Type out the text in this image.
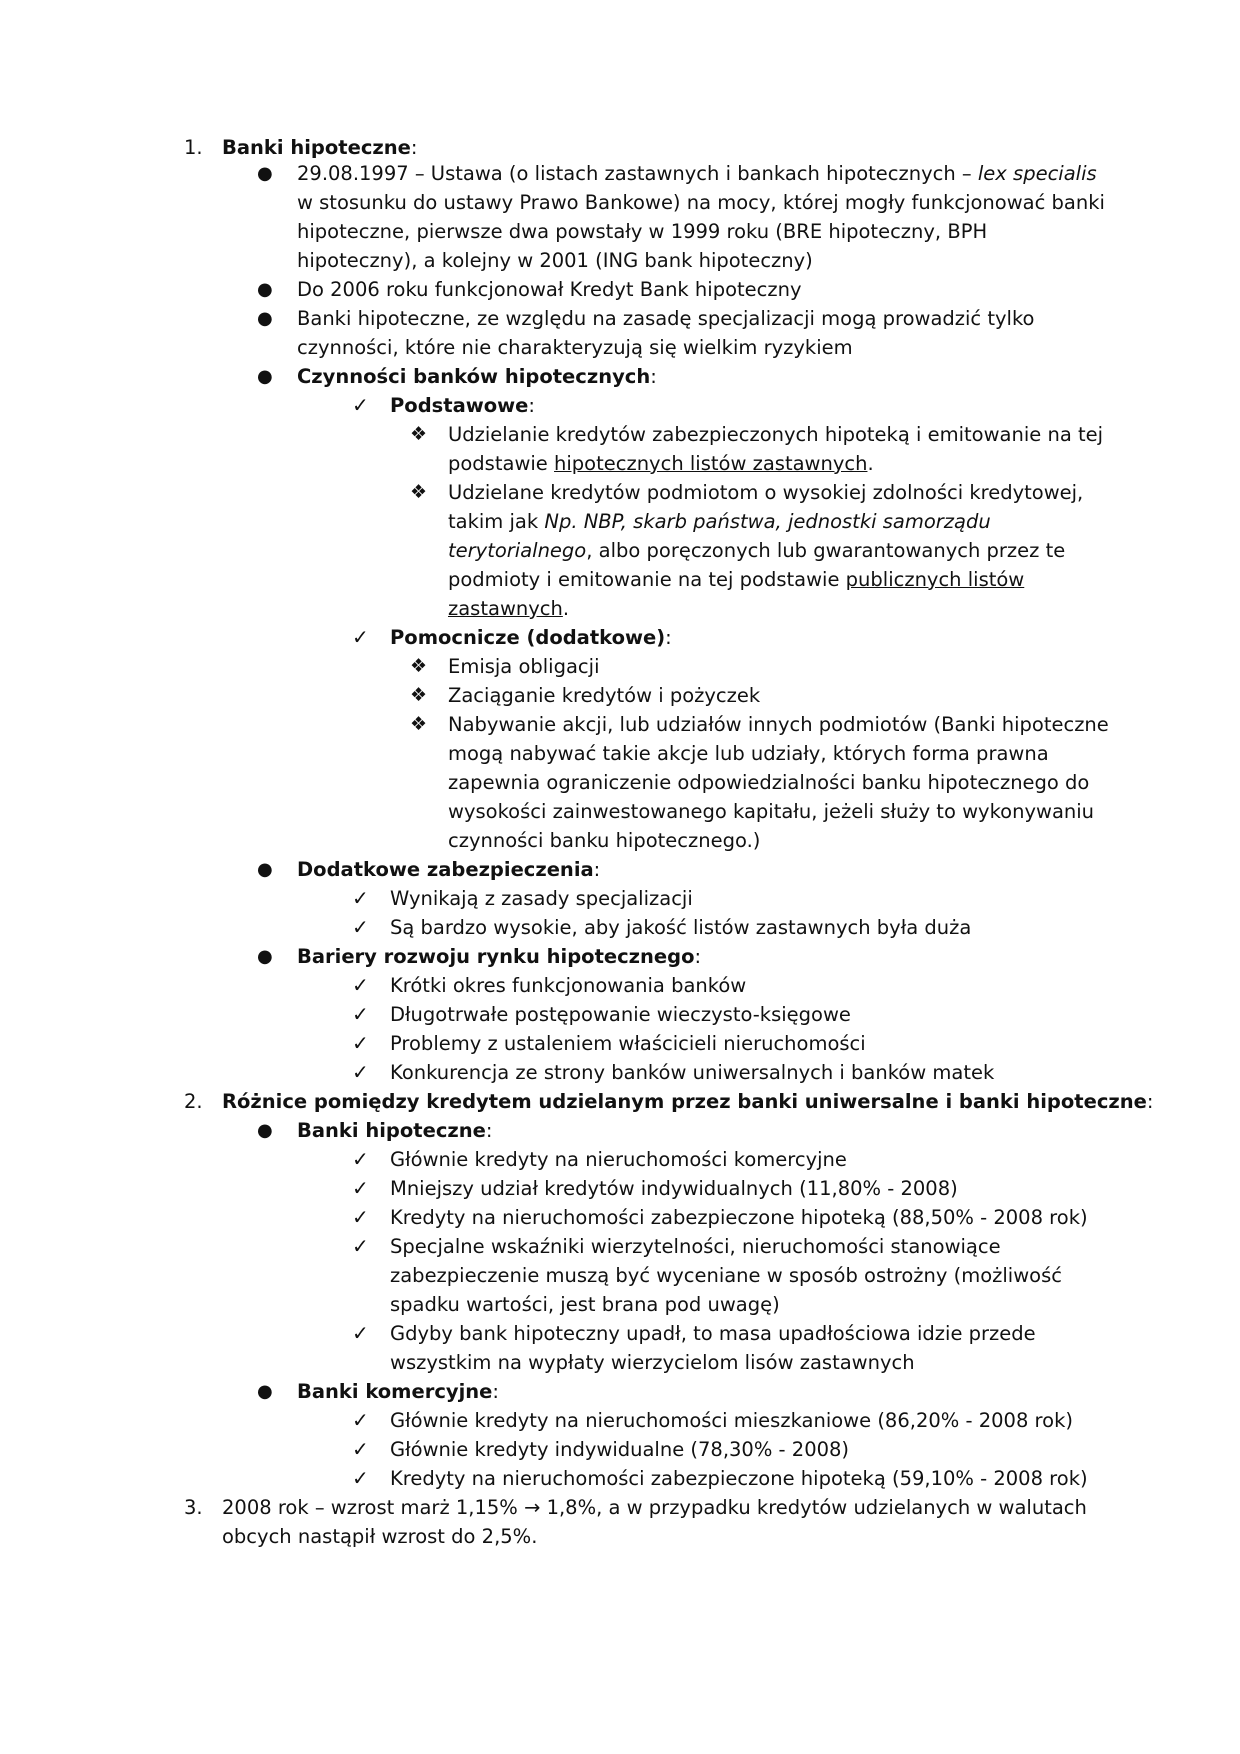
1. Banki hipoteczne:
● 29.08.1997 – Ustawa (o listach zastawnych i bankach hipotecznych – lex specialis
w stosunku do ustawy Prawo Bankowe) na mocy, której mogły funkcjonować banki
hipoteczne, pierwsze dwa powstały w 1999 roku (BRE hipoteczny, BPH
hipoteczny), a kolejny w 2001 (ING bank hipoteczny)
● Do 2006 roku funkcjonował Kredyt Bank hipoteczny
● Banki hipoteczne, ze względu na zasadę specjalizacji mogą prowadzić tylko
czynności, które nie charakteryzują się wielkim ryzykiem
● Czynności banków hipotecznych:
✓ Podstawowe:
❖ Udzielanie kredytów zabezpieczonych hipoteką i emitowanie na tej
podstawie hipotecznych listów zastawnych.
❖ Udzielane kredytów podmiotom o wysokiej zdolności kredytowej,
takim jak Np. NBP, skarb państwa, jednostki samorządu
terytorialnego, albo poręczonych lub gwarantowanych przez te
podmioty i emitowanie na tej podstawie publicznych listów
zastawnych.
✓ Pomocnicze (dodatkowe):
❖ Emisja obligacji
❖ Zaciąganie kredytów i pożyczek
❖ Nabywanie akcji, lub udziałów innych podmiotów (Banki hipoteczne
mogą nabywać takie akcje lub udziały, których forma prawna
zapewnia ograniczenie odpowiedzialności banku hipotecznego do
wysokości zainwestowanego kapitału, jeżeli służy to wykonywaniu
czynności banku hipotecznego.)
● Dodatkowe zabezpieczenia:
✓ Wynikają z zasady specjalizacji
✓ Są bardzo wysokie, aby jakość listów zastawnych była duża
● Bariery rozwoju rynku hipotecznego:
✓ Krótki okres funkcjonowania banków
✓ Długotrwałe postępowanie wieczysto-księgowe
✓ Problemy z ustaleniem właścicieli nieruchomości
✓ Konkurencja ze strony banków uniwersalnych i banków matek
2. Różnice pomiędzy kredytem udzielanym przez banki uniwersalne i banki hipoteczne:
● Banki hipoteczne:
✓ Głównie kredyty na nieruchomości komercyjne
✓ Mniejszy udział kredytów indywidualnych (11,80% - 2008)
✓ Kredyty na nieruchomości zabezpieczone hipoteką (88,50% - 2008 rok)
✓ Specjalne wskaźniki wierzytelności, nieruchomości stanowiące
zabezpieczenie muszą być wyceniane w sposób ostrożny (możliwość
spadku wartości, jest brana pod uwagę)
✓ Gdyby bank hipoteczny upadł, to masa upadłościowa idzie przede
wszystkim na wypłaty wierzycielom lisów zastawnych
● Banki komercyjne:
✓ Głównie kredyty na nieruchomości mieszkaniowe (86,20% - 2008 rok)
✓ Głównie kredyty indywidualne (78,30% - 2008)
✓ Kredyty na nieruchomości zabezpieczone hipoteką (59,10% - 2008 rok)
3. 2008 rok – wzrost marż 1,15% → 1,8%, a w przypadku kredytów udzielanych w walutach
obcych nastąpił wzrost do 2,5%.
